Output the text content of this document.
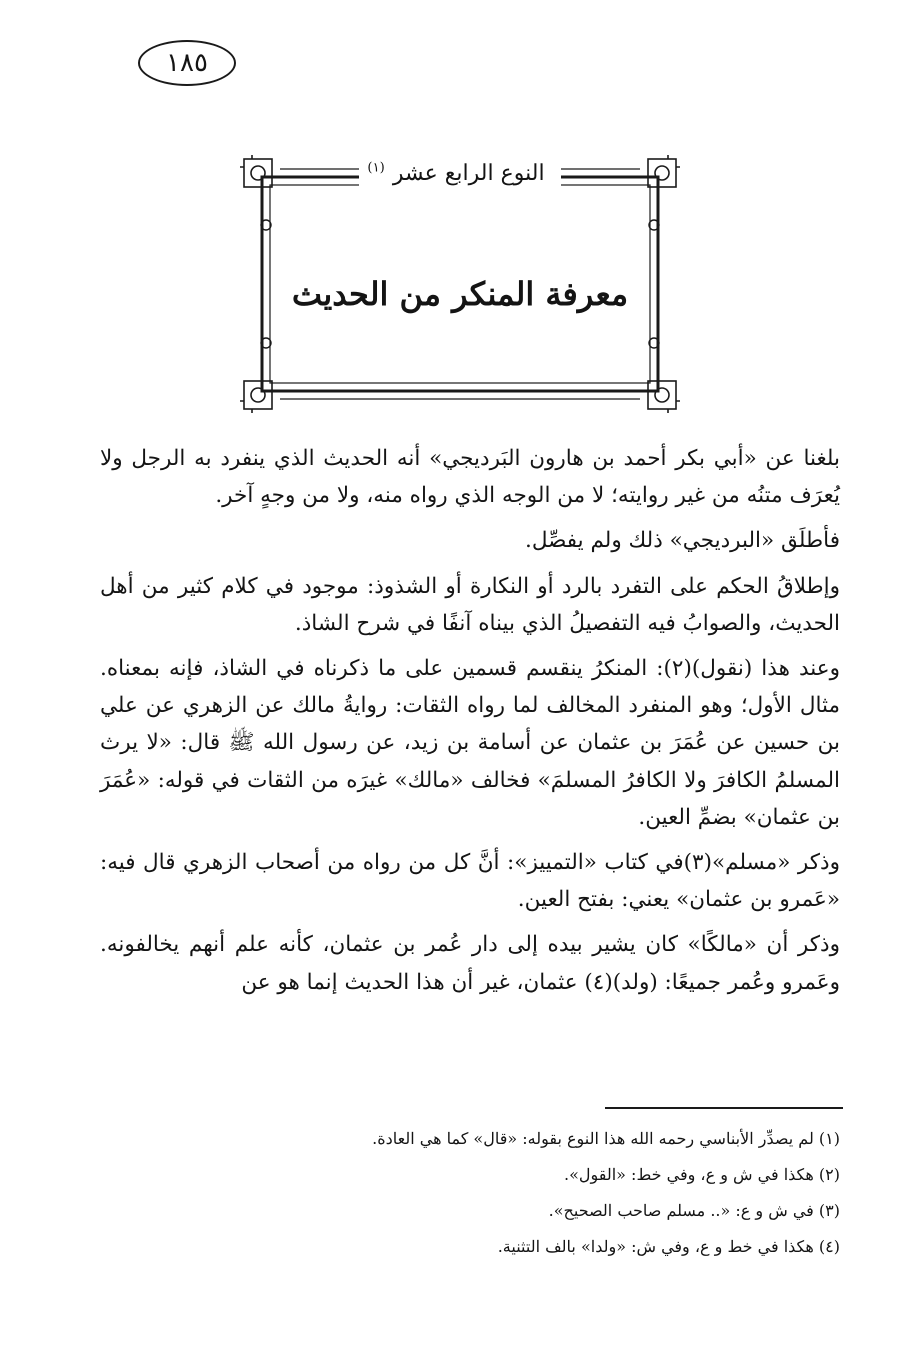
١٨٥
النوع الرابع عشر$^{(١)}$
معرفة المنكر من الحديث

بلغنا عن «أبي بكر أحمد بن هارون البَرديجي» أنه الحديث الذي ينفرد به الرجل ولا يُعرَف متنُه من غير روايته؛ لا من الوجه الذي رواه منه، ولا من وجهٍ آخر.

فأطلَق «البرديجي» ذلك ولم يفصِّل.

وإطلاقُ الحكم على التفرد بالرد أو النكارة أو الشذوذ: موجود في كلام كثير من أهل الحديث، والصوابُ فيه التفصيلُ الذي بيناه آنفًا في شرح الشاذ.

وعند هذا (نقول)(٢): المنكرُ ينقسم قسمين على ما ذكرناه في الشاذ، فإنه بمعناه. مثال الأول؛ وهو المنفرد المخالف لما رواه الثقات: روايةُ مالك عن الزهري عن علي بن حسين عن عُمَرَ بن عثمان عن أسامة بن زيد، عن رسول الله ﷺ قال: «لا يرث المسلمُ الكافرَ ولا الكافرُ المسلمَ» فخالف «مالك» غيرَه من الثقات في قوله: «عُمَرَ بن عثمان» بضمِّ العين.

وذكر «مسلم»(٣)في كتاب «التمييز»: أنَّ كل من رواه من أصحاب الزهري قال فيه: «عَمرو بن عثمان» يعني: بفتح العين.

وذكر أن «مالكًا» كان يشير بيده إلى دار عُمر بن عثمان، كأنه علم أنهم يخالفونه. وعَمرو وعُمر جميعًا: (ولد)(٤) عثمان، غير أن هذا الحديث إنما هو عن

(١) لم يصدِّر الأبناسي رحمه الله هذا النوع بقوله: «قال» كما هي العادة.
(٢) هكذا في ش و ع، وفي خط: «القول».
(٣) في ش و ع: «.. مسلم صاحب الصحيح».
(٤) هكذا في خط و ع، وفي ش: «ولدا» بالف التثنية.
